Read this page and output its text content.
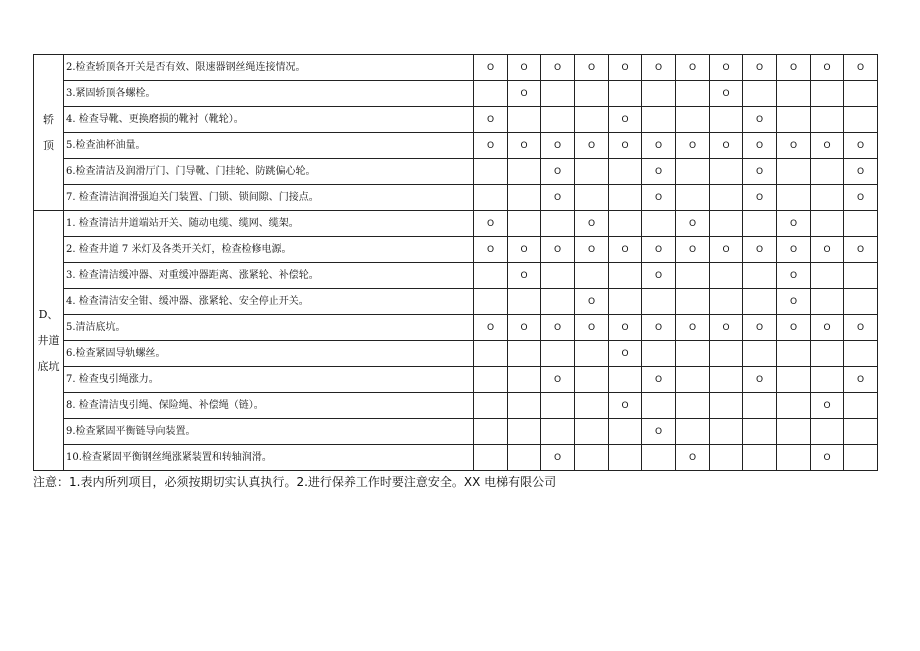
轿
顶	2.检查轿顶各开关是否有效、限速器钢丝绳连接情况。	O	O	O	O	O	O	O	O	O	O	O	O
	3.紧固轿顶各螺栓。		O						O				
	4. 检查导靴、更换磨损的靴衬（靴轮）。	O				O				O			
	5.检查油杯油量。	O	O	O	O	O	O	O	O	O	O	O	O
	6.检查清洁及润滑厅门、门导靴、门挂轮、防跳偏心轮。			O			O			O			O
	7. 检查清洁润滑强迫关门装置、门锁、锁间隙、门接点。			O			O			O			O

D、
井道
底坑	1. 检查清洁井道端站开关、随动电缆、缆网、缆架。	O			O			O			O		
	2. 检查井道 7 米灯及各类开关灯，检查检修电源。	O	O	O	O	O	O	O	O	O	O	O	O
	3. 检查清洁缓冲器、对重缓冲器距离、涨紧轮、补偿轮。		O				O				O		
	4. 检查清洁安全钳、缓冲器、涨紧轮、安全停止开关。				O						O		
	5.清洁底坑。	O	O	O	O	O	O	O	O	O	O	O	O
	6.检查紧固导轨螺丝。					O							
	7. 检查曳引绳涨力。			O			O			O			O
	8. 检查清洁曳引绳、保险绳、补偿绳（链）。					O						O	
	9.检查紧固平衡链导向装置。						O						
	10.检查紧固平衡钢丝绳涨紧装置和转轴润滑。			O				O				O	
注意：1.表内所列项目，必须按期切实认真执行。2.进行保养工作时要注意安全。XX 电梯有限公司
